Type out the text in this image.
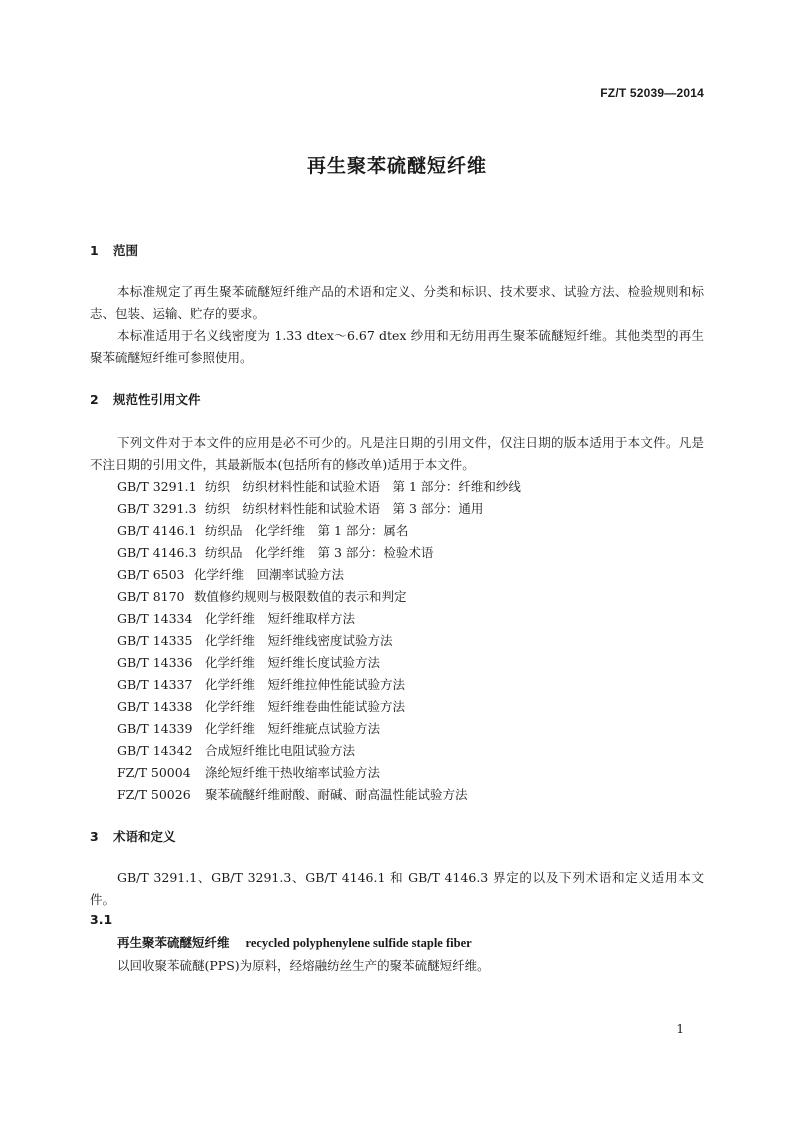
FZ/T 52039—2014
再生聚苯硫醚短纤维
1 范围
本标准规定了再生聚苯硫醚短纤维产品的术语和定义、分类和标识、技术要求、试验方法、检验规则和标志、包装、运输、贮存的要求。
本标准适用于名义线密度为 1.33 dtex～6.67 dtex 纱用和无纺用再生聚苯硫醚短纤维。其他类型的再生聚苯硫醚短纤维可参照使用。
2 规范性引用文件
下列文件对于本文件的应用是必不可少的。凡是注日期的引用文件，仅注日期的版本适用于本文件。凡是不注日期的引用文件，其最新版本(包括所有的修改单)适用于本文件。
GB/T 3291.1 纺织　纺织材料性能和试验术语　第 1 部分：纤维和纱线
GB/T 3291.3 纺织　纺织材料性能和试验术语　第 3 部分：通用
GB/T 4146.1 纺织品　化学纤维　第 1 部分：属名
GB/T 4146.3 纺织品　化学纤维　第 3 部分：检验术语
GB/T 6503 化学纤维　回潮率试验方法
GB/T 8170 数值修约规则与极限数值的表示和判定
GB/T 14334 化学纤维　短纤维取样方法
GB/T 14335 化学纤维　短纤维线密度试验方法
GB/T 14336 化学纤维　短纤维长度试验方法
GB/T 14337 化学纤维　短纤维拉伸性能试验方法
GB/T 14338 化学纤维　短纤维卷曲性能试验方法
GB/T 14339 化学纤维　短纤维疵点试验方法
GB/T 14342 合成短纤维比电阻试验方法
FZ/T 50004 涤纶短纤维干热收缩率试验方法
FZ/T 50026 聚苯硫醚纤维耐酸、耐碱、耐高温性能试验方法
3 术语和定义
GB/T 3291.1、GB/T 3291.3、GB/T 4146.1 和 GB/T 4146.3 界定的以及下列术语和定义适用本文件。
3.1
再生聚苯硫醚短纤维 recycled polyphenylene sulfide staple fiber
以回收聚苯硫醚(PPS)为原料，经熔融纺丝生产的聚苯硫醚短纤维。
1
